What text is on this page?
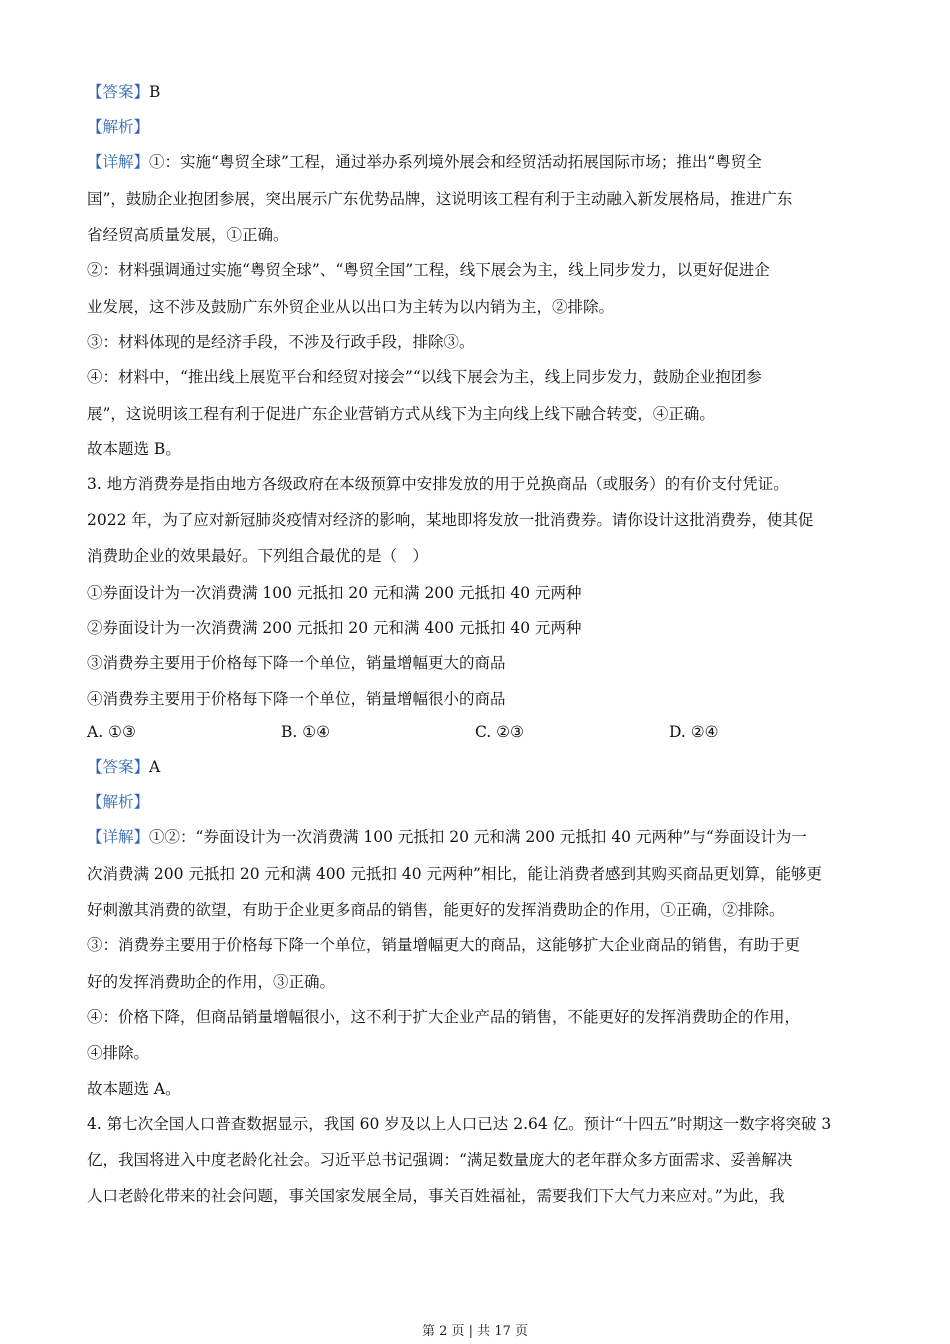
【答案】B
【解析】
【详解】①：实施“粤贸全球”工程，通过举办系列境外展会和经贸活动拓展国际市场；推出“粤贸全
国”，鼓励企业抱团参展，突出展示广东优势品牌，这说明该工程有利于主动融入新发展格局，推进广东
省经贸高质量发展，①正确。
②：材料强调通过实施“粤贸全球”、“粤贸全国”工程，线下展会为主，线上同步发力，以更好促进企
业发展，这不涉及鼓励广东外贸企业从以出口为主转为以内销为主，②排除。
③：材料体现的是经济手段，不涉及行政手段，排除③。
④：材料中，“推出线上展览平台和经贸对接会”“以线下展会为主，线上同步发力，鼓励企业抱团参
展”，这说明该工程有利于促进广东企业营销方式从线下为主向线上线下融合转变，④正确。
故本题选 B。
3. 地方消费券是指由地方各级政府在本级预算中安排发放的用于兑换商品（或服务）的有价支付凭证。
2022 年，为了应对新冠肺炎疫情对经济的影响，某地即将发放一批消费券。请你设计这批消费券，使其促
消费助企业的效果最好。下列组合最优的是（　）
①券面设计为一次消费满 100 元抵扣 20 元和满 200 元抵扣 40 元两种
②券面设计为一次消费满 200 元抵扣 20 元和满 400 元抵扣 40 元两种
③消费券主要用于价格每下降一个单位，销量增幅更大的商品
④消费券主要用于价格每下降一个单位，销量增幅很小的商品
A. ①③	B. ①④	C. ②③	D. ②④
【答案】A
【解析】
【详解】①②：“券面设计为一次消费满 100 元抵扣 20 元和满 200 元抵扣 40 元两种”与“券面设计为一
次消费满 200 元抵扣 20 元和满 400 元抵扣 40 元两种”相比，能让消费者感到其购买商品更划算，能够更
好刺激其消费的欲望，有助于企业更多商品的销售，能更好的发挥消费助企的作用，①正确，②排除。
③：消费券主要用于价格每下降一个单位，销量增幅更大的商品，这能够扩大企业商品的销售，有助于更
好的发挥消费助企的作用，③正确。
④：价格下降，但商品销量增幅很小，这不利于扩大企业产品的销售，不能更好的发挥消费助企的作用，
④排除。
故本题选 A。
4. 第七次全国人口普查数据显示，我国 60 岁及以上人口已达 2.64 亿。预计“十四五”时期这一数字将突破 3
亿，我国将进入中度老龄化社会。习近平总书记强调：“满足数量庞大的老年群众多方面需求、妥善解决
人口老龄化带来的社会问题，事关国家发展全局，事关百姓福祉，需要我们下大气力来应对。”为此，我
第 2 页 | 共 17 页
